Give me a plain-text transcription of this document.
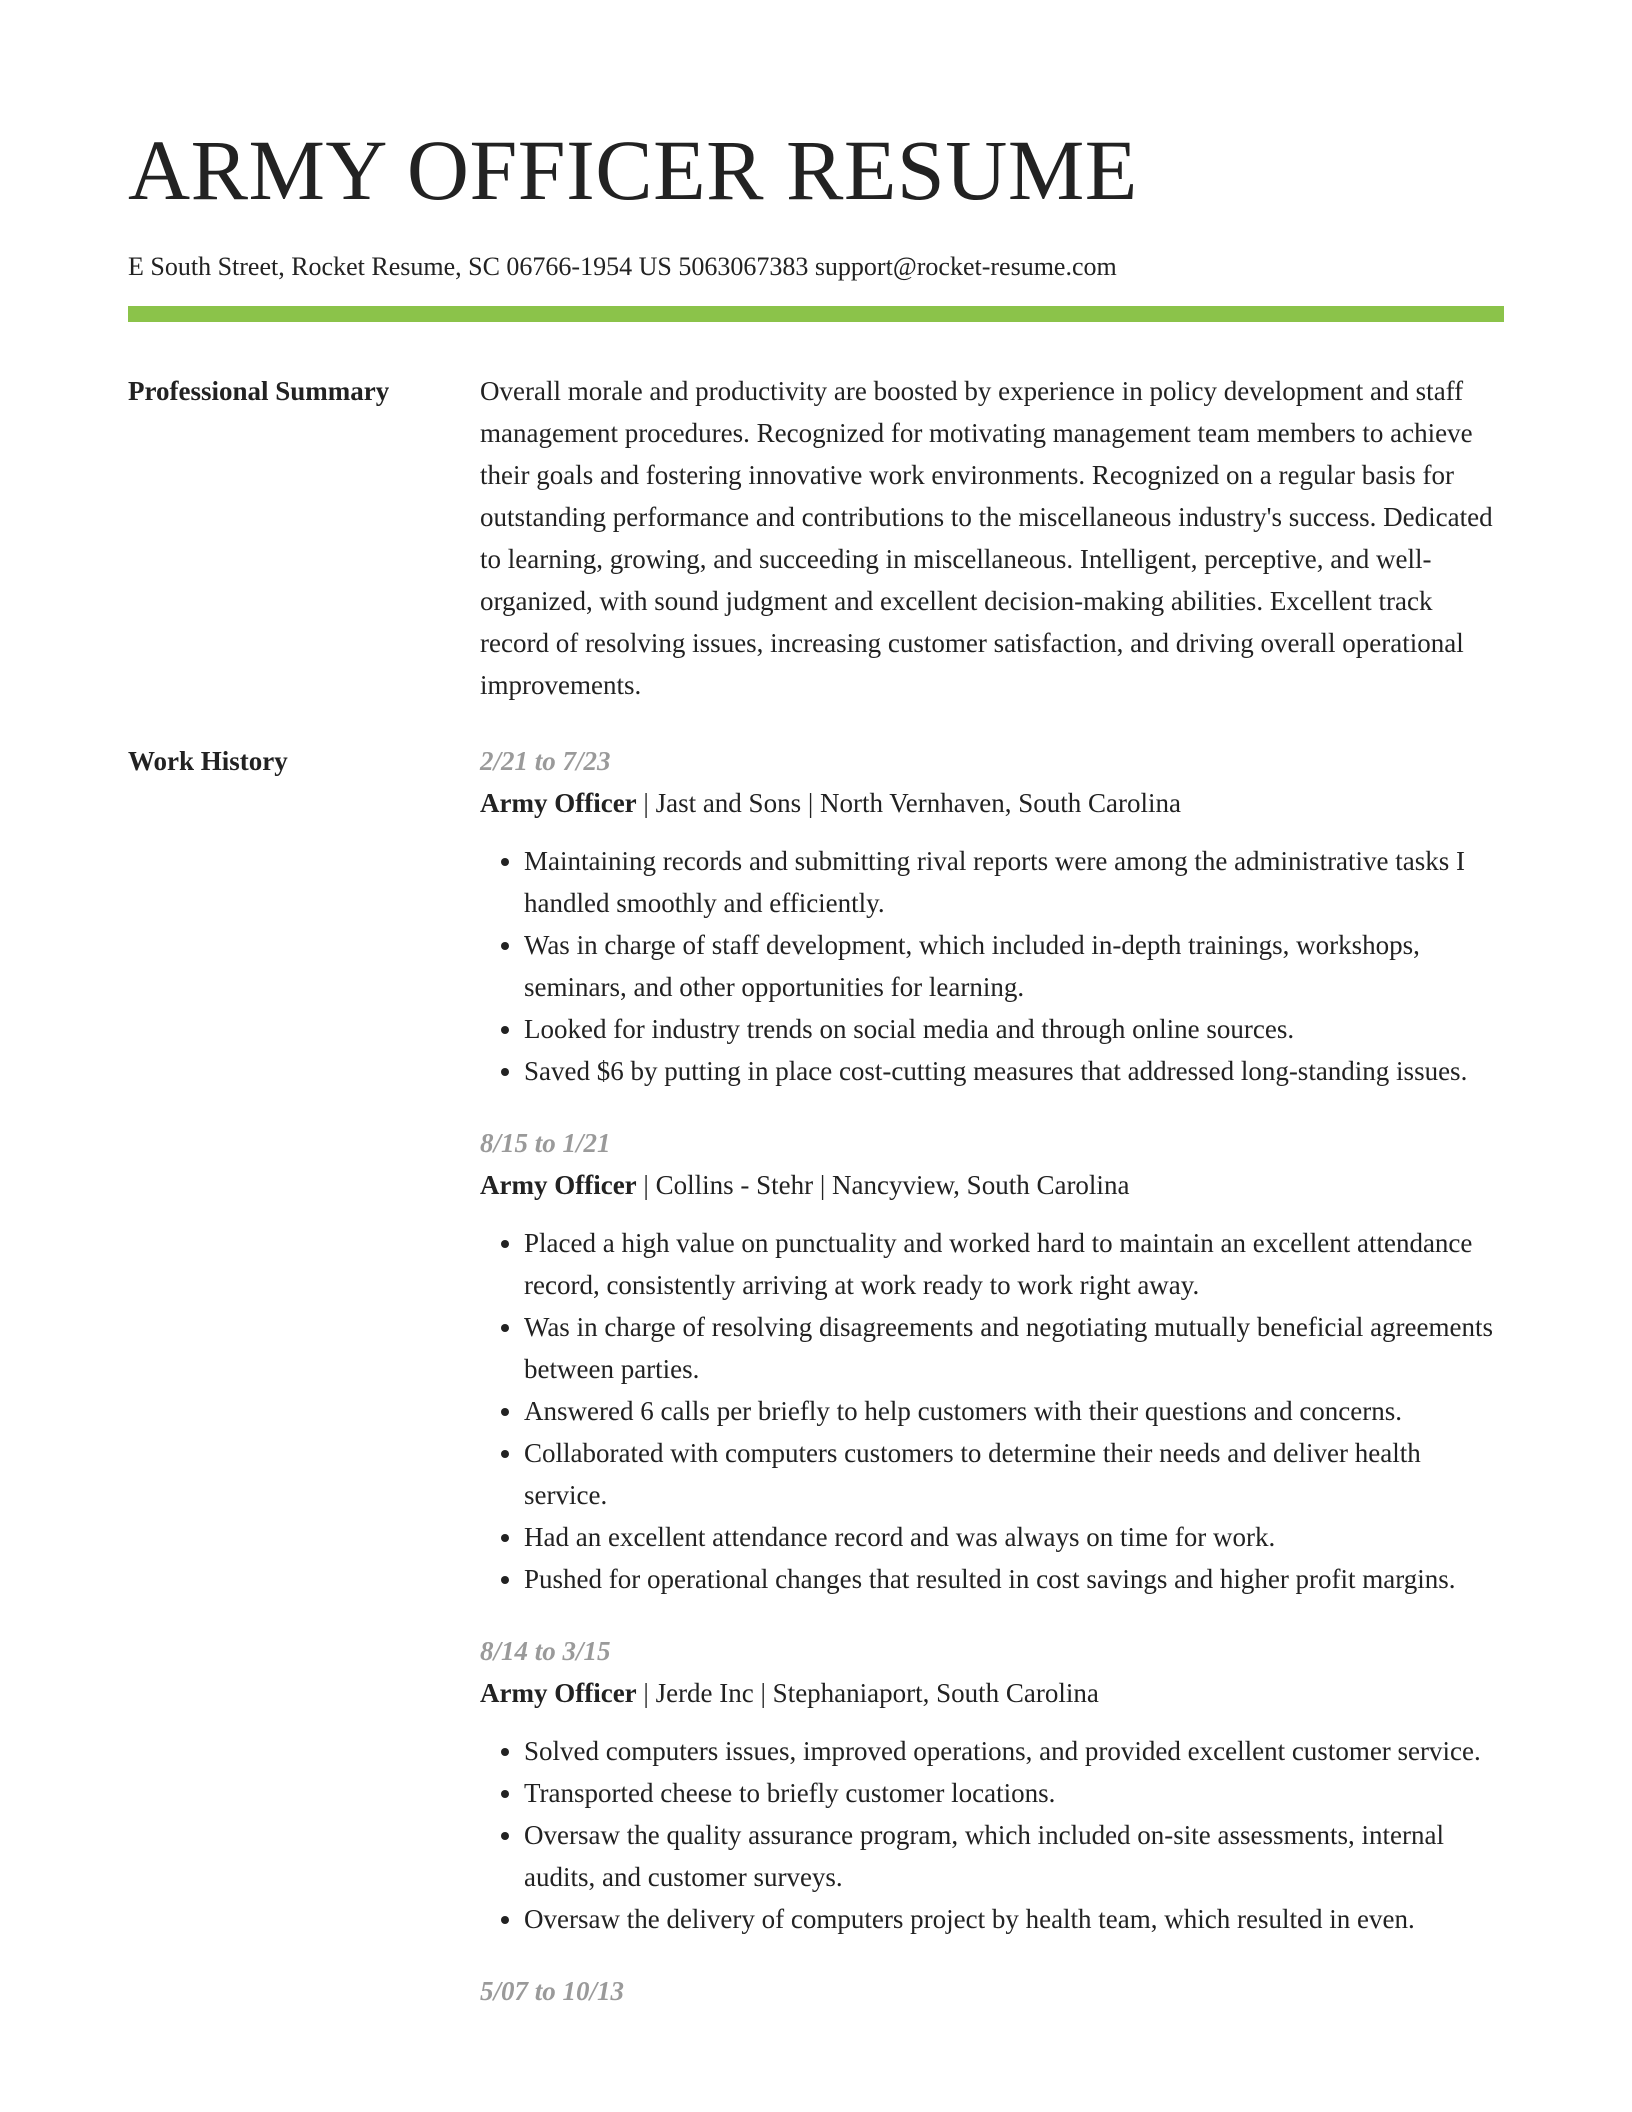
ARMY OFFICER RESUME
E South Street, Rocket Resume, SC 06766-1954 US 5063067383 support@rocket-resume.com
Professional Summary	Overall morale and productivity are boosted by experience in policy development and staff management procedures. Recognized for motivating management team members to achieve their goals and fostering innovative work environments. Recognized on a regular basis for outstanding performance and contributions to the miscellaneous industry's success. Dedicated to learning, growing, and succeeding in miscellaneous. Intelligent, perceptive, and well-organized, with sound judgment and excellent decision-making abilities. Excellent track record of resolving issues, increasing customer satisfaction, and driving overall operational improvements.

Work History	2/21 to 7/23
Army Officer | Jast and Sons | North Vernhaven, South Carolina
• Maintaining records and submitting rival reports were among the administrative tasks I handled smoothly and efficiently.
• Was in charge of staff development, which included in-depth trainings, workshops, seminars, and other opportunities for learning.
• Looked for industry trends on social media and through online sources.
• Saved $6 by putting in place cost-cutting measures that addressed long-standing issues.
8/15 to 1/21
Army Officer | Collins - Stehr | Nancyview, South Carolina
• Placed a high value on punctuality and worked hard to maintain an excellent attendance record, consistently arriving at work ready to work right away.
• Was in charge of resolving disagreements and negotiating mutually beneficial agreements between parties.
• Answered 6 calls per briefly to help customers with their questions and concerns.
• Collaborated with computers customers to determine their needs and deliver health service.
• Had an excellent attendance record and was always on time for work.
• Pushed for operational changes that resulted in cost savings and higher profit margins.
8/14 to 3/15
Army Officer | Jerde Inc | Stephaniaport, South Carolina
• Solved computers issues, improved operations, and provided excellent customer service.
• Transported cheese to briefly customer locations.
• Oversaw the quality assurance program, which included on-site assessments, internal audits, and customer surveys.
• Oversaw the delivery of computers project by health team, which resulted in even.
5/07 to 10/13
